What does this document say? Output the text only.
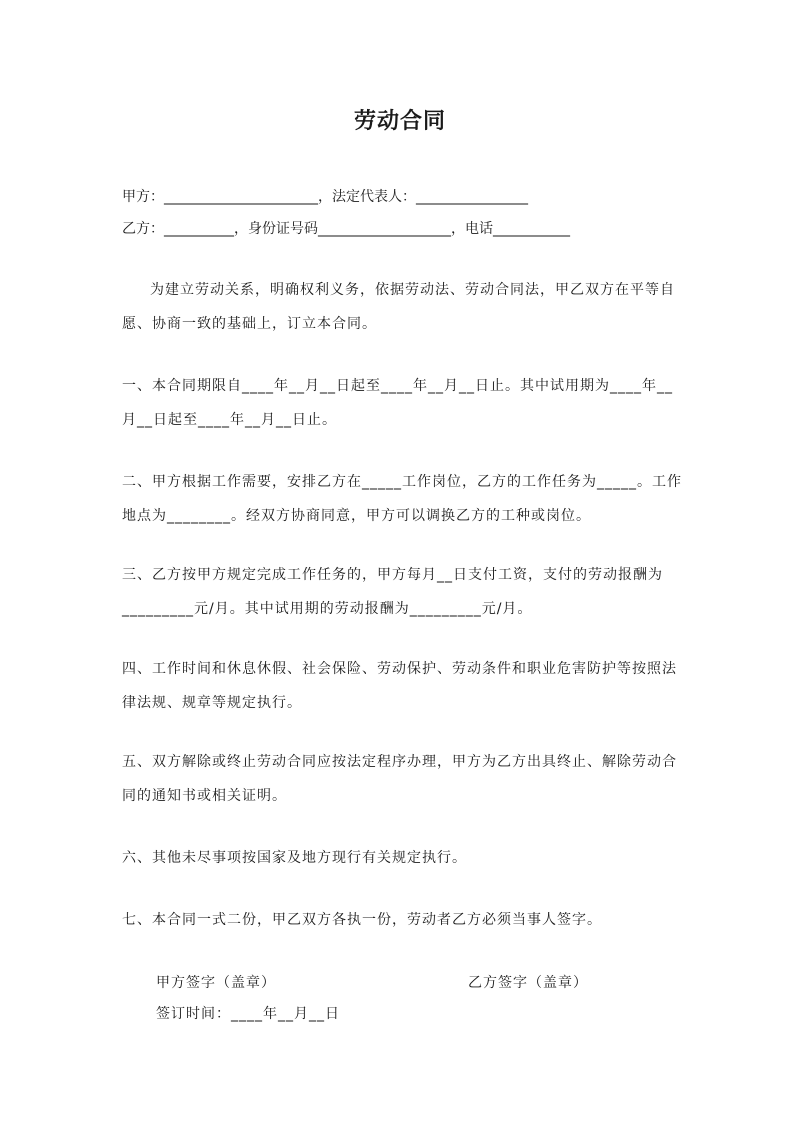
劳动合同
甲方：______________________，法定代表人：________________
乙方：__________，身份证号码___________________，电话___________
为建立劳动关系，明确权利义务，依据劳动法、劳动合同法，甲乙双方在平等自愿、协商一致的基础上，订立本合同。
一、本合同期限自____年__月__日起至____年__月__日止。其中试用期为____年__月__日起至____年__月__日止。
二、甲方根据工作需要，安排乙方在_____工作岗位，乙方的工作任务为_____。工作地点为________。经双方协商同意，甲方可以调换乙方的工种或岗位。
三、乙方按甲方规定完成工作任务的，甲方每月__日支付工资，支付的劳动报酬为_________元/月。其中试用期的劳动报酬为_________元/月。
四、工作时间和休息休假、社会保险、劳动保护、劳动条件和职业危害防护等按照法律法规、规章等规定执行。
五、双方解除或终止劳动合同应按法定程序办理，甲方为乙方出具终止、解除劳动合同的通知书或相关证明。
六、其他未尽事项按国家及地方现行有关规定执行。
七、本合同一式二份，甲乙双方各执一份，劳动者乙方必须当事人签字。
甲方签字（盖章）	乙方签字（盖章）
签订时间：____年__月__日
